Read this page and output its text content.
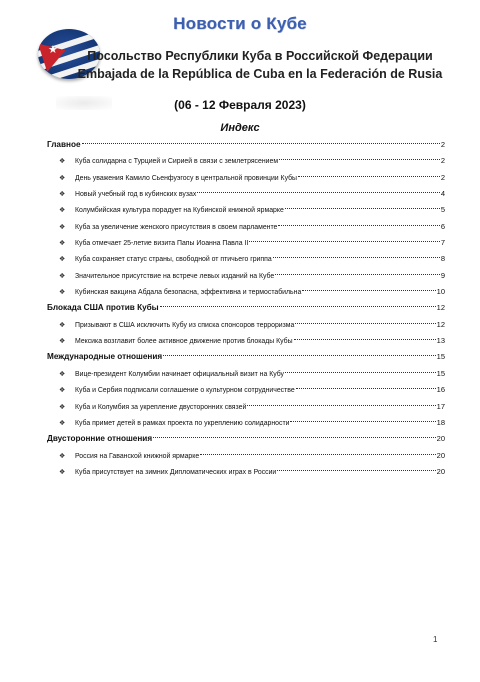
★
Новости о Кубе
Посольство Республики Куба в Российской Федерации
Embajada de la República de Cuba en la Federación de Rusia
(06 - 12 Февраля 2023)
Индекс
Главное	2
❖	Куба солидарна с Турцией и Сирией в связи с землетрясением	2
❖	День уважения Камило Сьенфуэгосу в центральной провинции Кубы	2
❖	Новый учебный год в кубинских вузах	4
❖	Колумбийская культура порадует на Кубинской книжной ярмарке	5
❖	Куба за увеличение женского присутствия в своем парламенте	6
❖	Куба отмечает 25-летие визита Папы Иоанна Павла II	7
❖	Куба сохраняет статус страны, свободной от птичьего гриппа	8
❖	Значительное присутствие на встрече левых изданий на Кубе	9
❖	Кубинская вакцина Абдала безопасна, эффективна и термостабильна	10
Блокада США против Кубы	12
❖	Призывают в США исключить Кубу из списка спонсоров терроризма	12
❖	Мексика возглавит более активное движение против блокады Кубы	13
Международные отношения	15
❖	Вице-президент Колумбии начинает официальный визит на Кубу	15
❖	Куба и Сербия подписали соглашение о культурном сотрудничестве	16
❖	Куба и Колумбия за укрепление двусторонних связей	17
❖	Куба примет детей в рамках проекта по укреплению солидарности	18
Двусторонние отношения	20
❖	Россия на Гаванской книжной ярмарке	20
❖	Куба присутствует на зимних Дипломатических играх в России	20
1
